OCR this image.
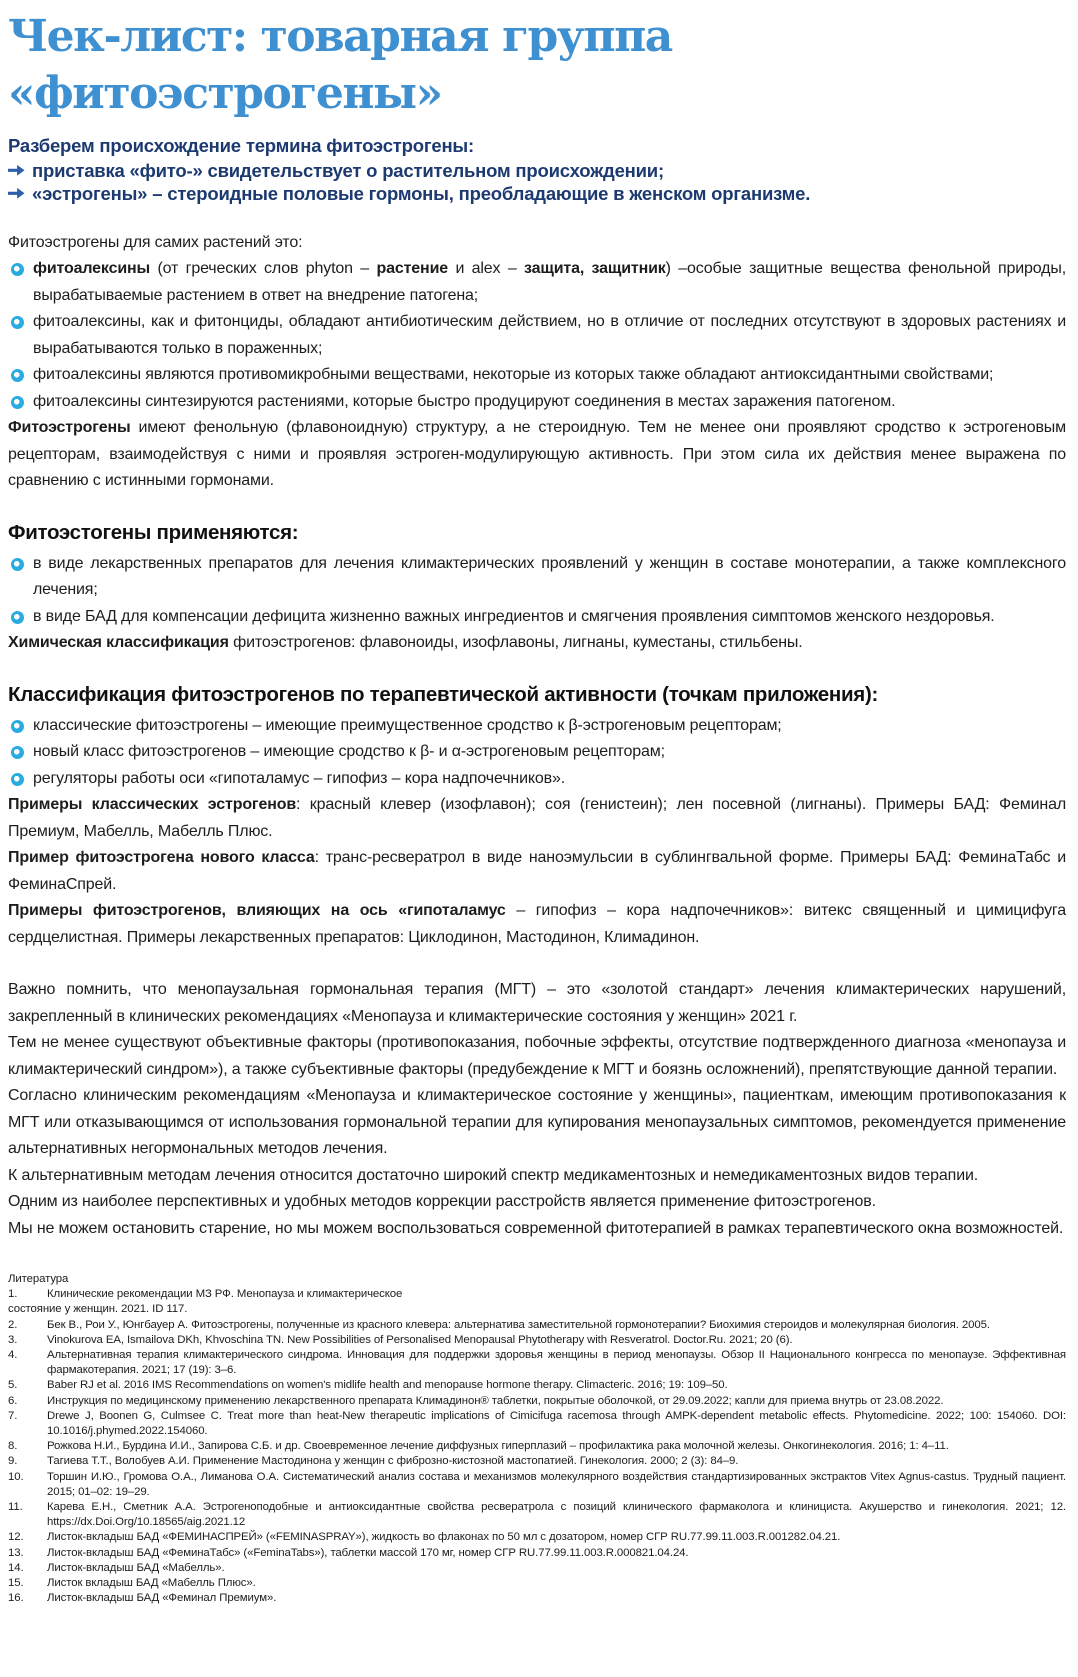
Чек-лист: товарная группа
«фитоэстрогены»

Разберем происхождение термина фитоэстрогены:

приставка «фито-» свидетельствует о растительном происхождении;
«эстрогены» – стероидные половые гормоны, преобладающие в женском организме.
Фитоэстрогены для самих растений это:
фитоалексины (от греческих слов phyton – растение и alex – защита, защитник) –особые защитные вещества фенольной природы, вырабатываемые растением в ответ на внедрение патогена;
фитоалексины, как и фитонциды, обладают антибиотическим действием, но в отличие от последних отсутствуют в здоровых растениях и вырабатываются только в пораженных;
фитоалексины являются противомикробными веществами, некоторые из которых также обладают антиоксидантными свойствами;
фитоалексины синтезируются растениями, которые быстро продуцируют соединения в местах заражения патогеном.
Фитоэстрогены имеют фенольную (флавоноидную) структуру, а не стероидную. Тем не менее они проявляют сродство к эстрогеновым рецепторам, взаимодействуя с ними и проявляя эстроген-модулирующую активность. При этом сила их действия менее выражена по сравнению с истинными гормонами.
Фитоэстогены применяются:
в виде лекарственных препаратов для лечения климактерических проявлений у женщин в составе монотерапии, а также комплексного лечения;
в виде БАД для компенсации дефицита жизненно важных ингредиентов и смягчения проявления симптомов женского нездоровья.
Химическая классификация фитоэстрогенов: флавоноиды, изофлавоны, лигнаны, куместаны, стильбены.
Классификация фитоэстрогенов по терапевтической активности (точкам приложения):
классические фитоэстрогены – имеющие преимущественное сродство к β-эстрогеновым рецепторам;
новый класс фитоэстрогенов – имеющие сродство к β- и α-эстрогеновым рецепторам;
регуляторы работы оси «гипоталамус – гипофиз – кора надпочечников».
Примеры классических эстрогенов: красный клевер (изофлавон); соя (генистеин); лен посевной (лигнаны). Примеры БАД: Феминал Премиум, Мабелль, Мабелль Плюс.
Пример фитоэстрогена нового класса: транс-ресвератрол в виде наноэмульсии в сублингвальной форме. Примеры БАД: ФеминаТабс и ФеминаСпрей.
Примеры фитоэстрогенов, влияющих на ось «гипоталамус – гипофиз – кора надпочечников»: витекс священный и цимицифуга сердцелистная. Примеры лекарственных препаратов: Циклодинон, Мастодинон, Климадинон.
Важно помнить, что менопаузальная гормональная терапия (МГТ) – это «золотой стандарт» лечения климактерических нарушений, закрепленный в клинических рекомендациях «Менопауза и климактерические состояния у женщин» 2021 г.
Тем не менее существуют объективные факторы (противопоказания, побочные эффекты, отсутствие подтвержденного диагноза «менопауза и климактерический синдром»), а также субъективные факторы (предубеждение к МГТ и боязнь осложнений), препятствующие данной терапии.
Согласно клиническим рекомендациям «Менопауза и климактерическое состояние у женщины», пациенткам, имеющим противопоказания к МГТ или отказывающимся от использования гормональной терапии для купирования менопаузальных симптомов, рекомендуется применение альтернативных негормональных методов лечения.
К альтернативным методам лечения относится достаточно широкий спектр медикаментозных и немедикаментозных видов терапии.
Одним из наиболее перспективных и удобных методов коррекции расстройств является применение фитоэстрогенов.
Мы не можем остановить старение, но мы можем воспользоваться современной фитотерапией в рамках терапевтического окна возможностей.

Литература

1.	Клинические рекомендации МЗ РФ. Менопауза и климактерическое
состояние у женщин. 2021. ID 117.
2.	Бек В., Рои У., Юнгбауер А. Фитоэстрогены, полученные из красного клевера: альтернатива заместительной гормонотерапии? Биохимия стероидов и молекулярная биология. 2005.
3.	Vinokurova EA, Ismailova DKh, Khvoschina TN. New Possibilities of Personalised Menopausal Phytotherapy with Resveratrol. Doctor.Ru. 2021; 20 (6).
4.	Альтернативная терапия климактерического синдрома. Инновация для поддержки здоровья женщины в период менопаузы. Обзор II Национального конгресса по менопаузе. Эффективная фармакотерапия. 2021; 17 (19): 3–6.
5.	Baber RJ et al. 2016 IMS Recommendations on women's midlife health and menopause hormone therapy. Climacteric. 2016; 19: 109–50.
6.	Инструкция по медицинскому применению лекарственного препарата Климадинон® таблетки, покрытые оболочкой, от 29.09.2022; капли для приема внутрь от 23.08.2022.
7.	Drewe J, Boonen G, Culmsee C. Treat more than heat-New therapeutic implications of Cimicifuga racemosa through AMPK-dependent metabolic effects. Phytomedicine. 2022; 100: 154060. DOI: 10.1016/j.phymed.2022.154060.
8.	Рожкова Н.И., Бурдина И.И., Запирова С.Б. и др. Своевременное лечение диффузных гиперплазий – профилактика рака молочной железы. Онкогинекология. 2016; 1: 4–11.
9.	Тагиева Т.Т., Волобуев А.И. Применение Мастодинона у женщин с фиброзно-кистозной мастопатией. Гинекология. 2000; 2 (3): 84–9.
10.	Торшин И.Ю., Громова О.А., Лиманова О.А. Систематический анализ состава и механизмов молекулярного воздействия стандартизированных экстрактов Vitex Agnus-castus. Трудный пациент. 2015; 01–02: 19–29.
11.	Карева Е.Н., Сметник А.А. Эстрогеноподобные и антиоксидантные свойства ресвератрола с позиций клинического фармаколога и клинициста. Акушерство и гинекология. 2021; 12. https://dx.Doi.Org/10.18565/aig.2021.12
12.	Листок-вкладыш БАД «ФЕМИНАСПРЕЙ» («FEMINASPRAY»), жидкость во флаконах по 50 мл с дозатором, номер СГР RU.77.99.11.003.R.001282.04.21.
13.	Листок-вкладыш БАД «ФеминаТабс» («FeminaTabs»), таблетки массой 170 мг, номер СГР RU.77.99.11.003.R.000821.04.24.
14.	Листок-вкладыш БАД «Мабелль».
15.	Листок вкладыш БАД «Мабелль Плюс».
16.	Листок-вкладыш БАД «Феминал Премиум».
